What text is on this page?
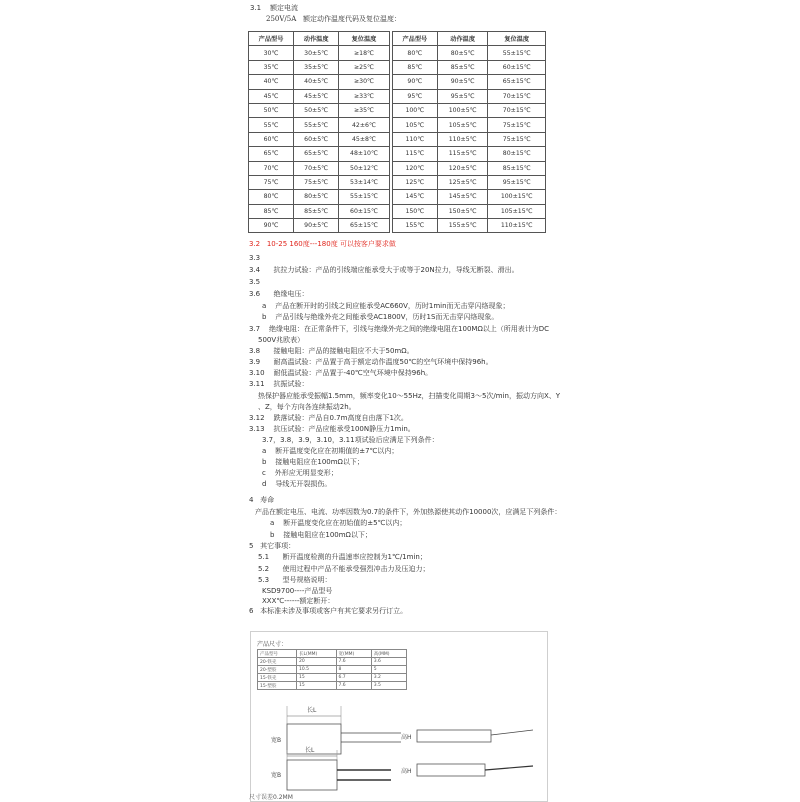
3.1 额定电流
250V/5A 额定动作温度代码及复位温度：
产品型号	动作温度	复位温度		产品型号	动作温度	复位温度
30℃	30±5℃	≥18℃		80℃	80±5℃	55±15℃
35℃	35±5℃	≥25℃		85℃	85±5℃	60±15℃
40℃	40±5℃	≥30℃		90℃	90±5℃	65±15℃
45℃	45±5℃	≥33℃		95℃	95±5℃	70±15℃
50℃	50±5℃	≥35℃		100℃	100±5℃	70±15℃
55℃	55±5℃	42±6℃		105℃	105±5℃	75±15℃
60℃	60±5℃	45±8℃		110℃	110±5℃	75±15℃
65℃	65±5℃	48±10℃		115℃	115±5℃	80±15℃
70℃	70±5℃	50±12℃		120℃	120±5℃	85±15℃
75℃	75±5℃	53±14℃		125℃	125±5℃	95±15℃
80℃	80±5℃	55±15℃		145℃	145±5℃	100±15℃
85℃	85±5℃	60±15℃		150℃	150±5℃	105±15℃
90℃	90±5℃	65±15℃		155℃	155±5℃	110±15℃
3.2 10-25 160度---180度 可以按客户要求做
3.3
3.4 抗拉力试验：产品的引线端应能承受大于或等于20N拉力，导线无断裂、滑出。
3.5
3.6 绝缘电压：
a 产品在断开时的引线之间应能承受AC660V，历时1min而无击穿闪络现象；
b 产品引线与绝缘外壳之间能承受AC1800V，历时1S而无击穿闪络现象。
3.7 绝缘电阻：在正常条件下，引线与绝缘外壳之间的绝缘电阻在100MΩ以上（所用表计为DC
500V兆欧表）
3.8 接触电阻：产品的接触电阻应不大于50mΩ。
3.9 耐高温试验：产品置于高于额定动作温度50℃的空气环境中保持96h。
3.10 耐低温试验：产品置于-40℃空气环境中保持96h。
3.11 抗振试验：
热保护器应能承受振幅1.5mm，频率变化10～55Hz，扫描变化周期3～5次/min，振动方向X、Y
、Z，每个方向各连续振动2h。
3.12 跌落试验：产品自0.7m高度自由落下1次。
3.13 抗压试验：产品应能承受100N静压力1min。
3.7，3.8，3.9，3.10，3.11项试验后应满足下列条件：
a 断开温度变化应在初期值的±7℃以内；
b 接触电阻应在100mΩ以下；
c 外形应无明显变形；
d 导线无开裂损伤。
4 寿命
产品在额定电压、电流、功率因数为0.7的条件下，外加热源使其动作10000次，应满足下列条件：
a 断开温度变化应在初始值的±5℃以内；
b 接触电阻应在100mΩ以下；
5 其它事项：
5.1 断开温度检测的升温速率应控制为1℃/1min；
5.2 使用过程中产品不能承受强烈冲击力及压迫力；
5.3 型号规格说明：
KSD9700----产品型号
XXX℃------额定断开：
6 本标准未涉及事项或客户有其它要求另行订立。
产品尺寸：
产品型号	长L(MM)	宽(MM)	高(MM)
20-铁壳	20	7.6	3.6
20-塑胶	10.5	8	5
15-铁壳	15	6.7	3.2
15-塑胶	15	7.6	3.5
长L
宽B	高H
长L
宽B
高H
尺寸误差0.2MM
